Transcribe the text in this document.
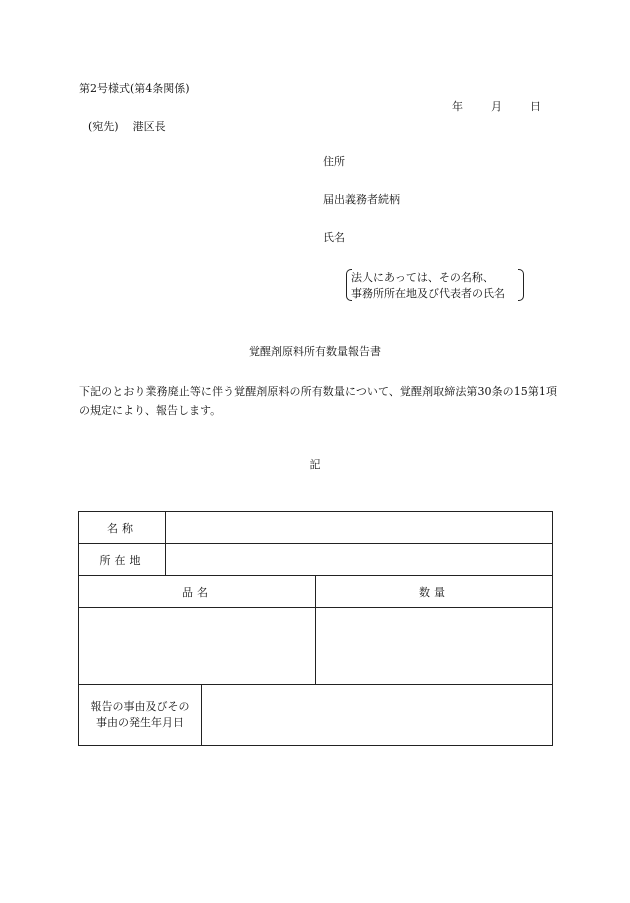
第2号様式(第4条関係)
年	月	日
(宛先) 港区長
住所
届出義務者続柄
氏名
法人にあっては、その名称、
事務所所在地及び代表者の氏名
覚醒剤原料所有数量報告書
下記のとおり業務廃止等に伴う覚醒剤原料の所有数量について、覚醒剤取締法第30条の15第1項の規定により、報告します。
記
名称			
所在地			
品名			数量

報告の事由及びその
事由の発生年月日			
